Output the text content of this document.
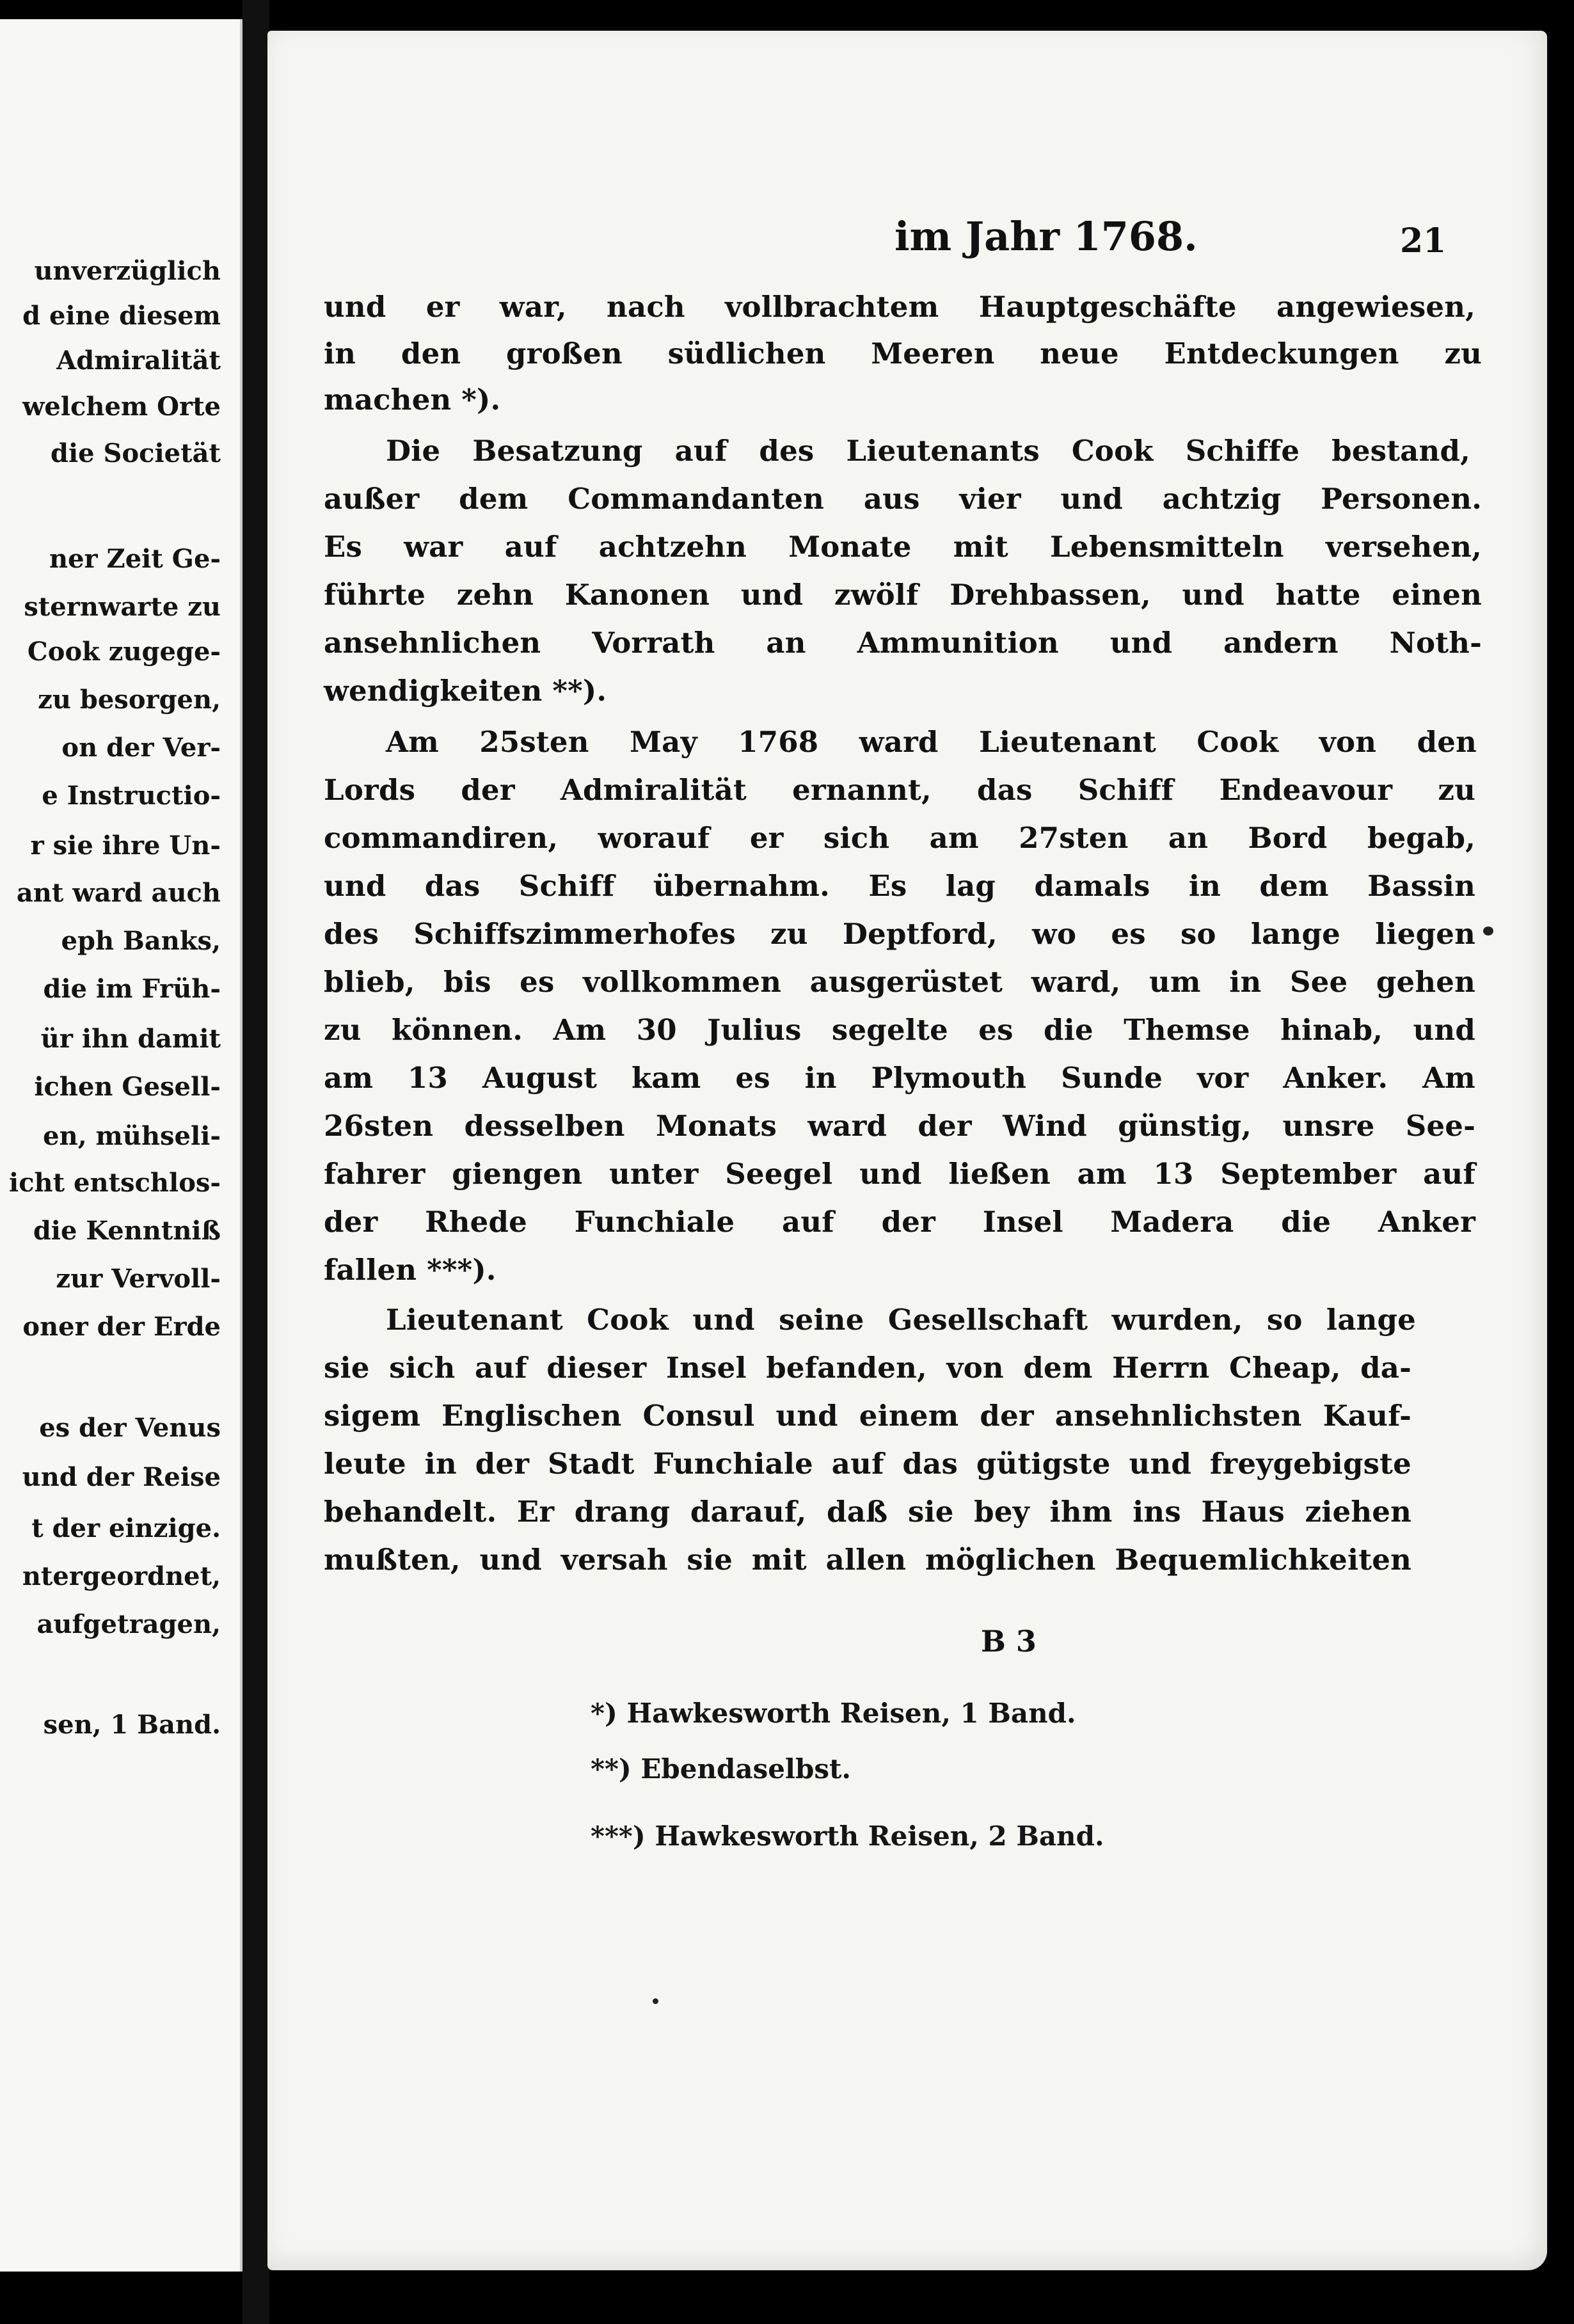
unverzüglich
d eine diesem
Admiralität
welchem Orte
die Societät
ner Zeit Ge-
sternwarte zu
Cook zugege-
zu besorgen,
on der Ver-
e Instructio-
r sie ihre Un-
ant ward auch
eph Banks,
die im Früh-
ür ihn damit
ichen Gesell-
en, mühseli-
icht entschlos-
die Kenntniß
zur Vervoll-
oner der Erde
es der Venus
und der Reise
t der einzige.
ntergeordnet,
aufgetragen,
sen, 1 Band.
im Jahr 1768.	21
und er war, nach vollbrachtem Hauptgeschäfte angewiesen,
in den großen südlichen Meeren neue Entdeckungen zu
machen *).
Die Besatzung auf des Lieutenants Cook Schiffe bestand,
außer dem Commandanten aus vier und achtzig Personen.
Es war auf achtzehn Monate mit Lebensmitteln versehen,
führte zehn Kanonen und zwölf Drehbassen, und hatte einen
ansehnlichen Vorrath an Ammunition und andern Noth-
wendigkeiten **).
Am 25sten May 1768 ward Lieutenant Cook von den
Lords der Admiralität ernannt, das Schiff Endeavour zu
commandiren, worauf er sich am 27sten an Bord begab,
und das Schiff übernahm. Es lag damals in dem Bassin
des Schiffszimmerhofes zu Deptford, wo es so lange liegen
blieb, bis es vollkommen ausgerüstet ward, um in See gehen
zu können. Am 30 Julius segelte es die Themse hinab, und
am 13 August kam es in Plymouth Sunde vor Anker. Am
26sten desselben Monats ward der Wind günstig, unsre See-
fahrer giengen unter Seegel und ließen am 13 September auf
der Rhede Funchiale auf der Insel Madera die Anker
fallen ***).
Lieutenant Cook und seine Gesellschaft wurden, so lange
sie sich auf dieser Insel befanden, von dem Herrn Cheap, da-
sigem Englischen Consul und einem der ansehnlichsten Kauf-
leute in der Stadt Funchiale auf das gütigste und freygebigste
behandelt. Er drang darauf, daß sie bey ihm ins Haus ziehen
mußten, und versah sie mit allen möglichen Bequemlichkeiten
B 3
*) Hawkesworth Reisen, 1 Band.
**) Ebendaselbst.
***) Hawkesworth Reisen, 2 Band.
